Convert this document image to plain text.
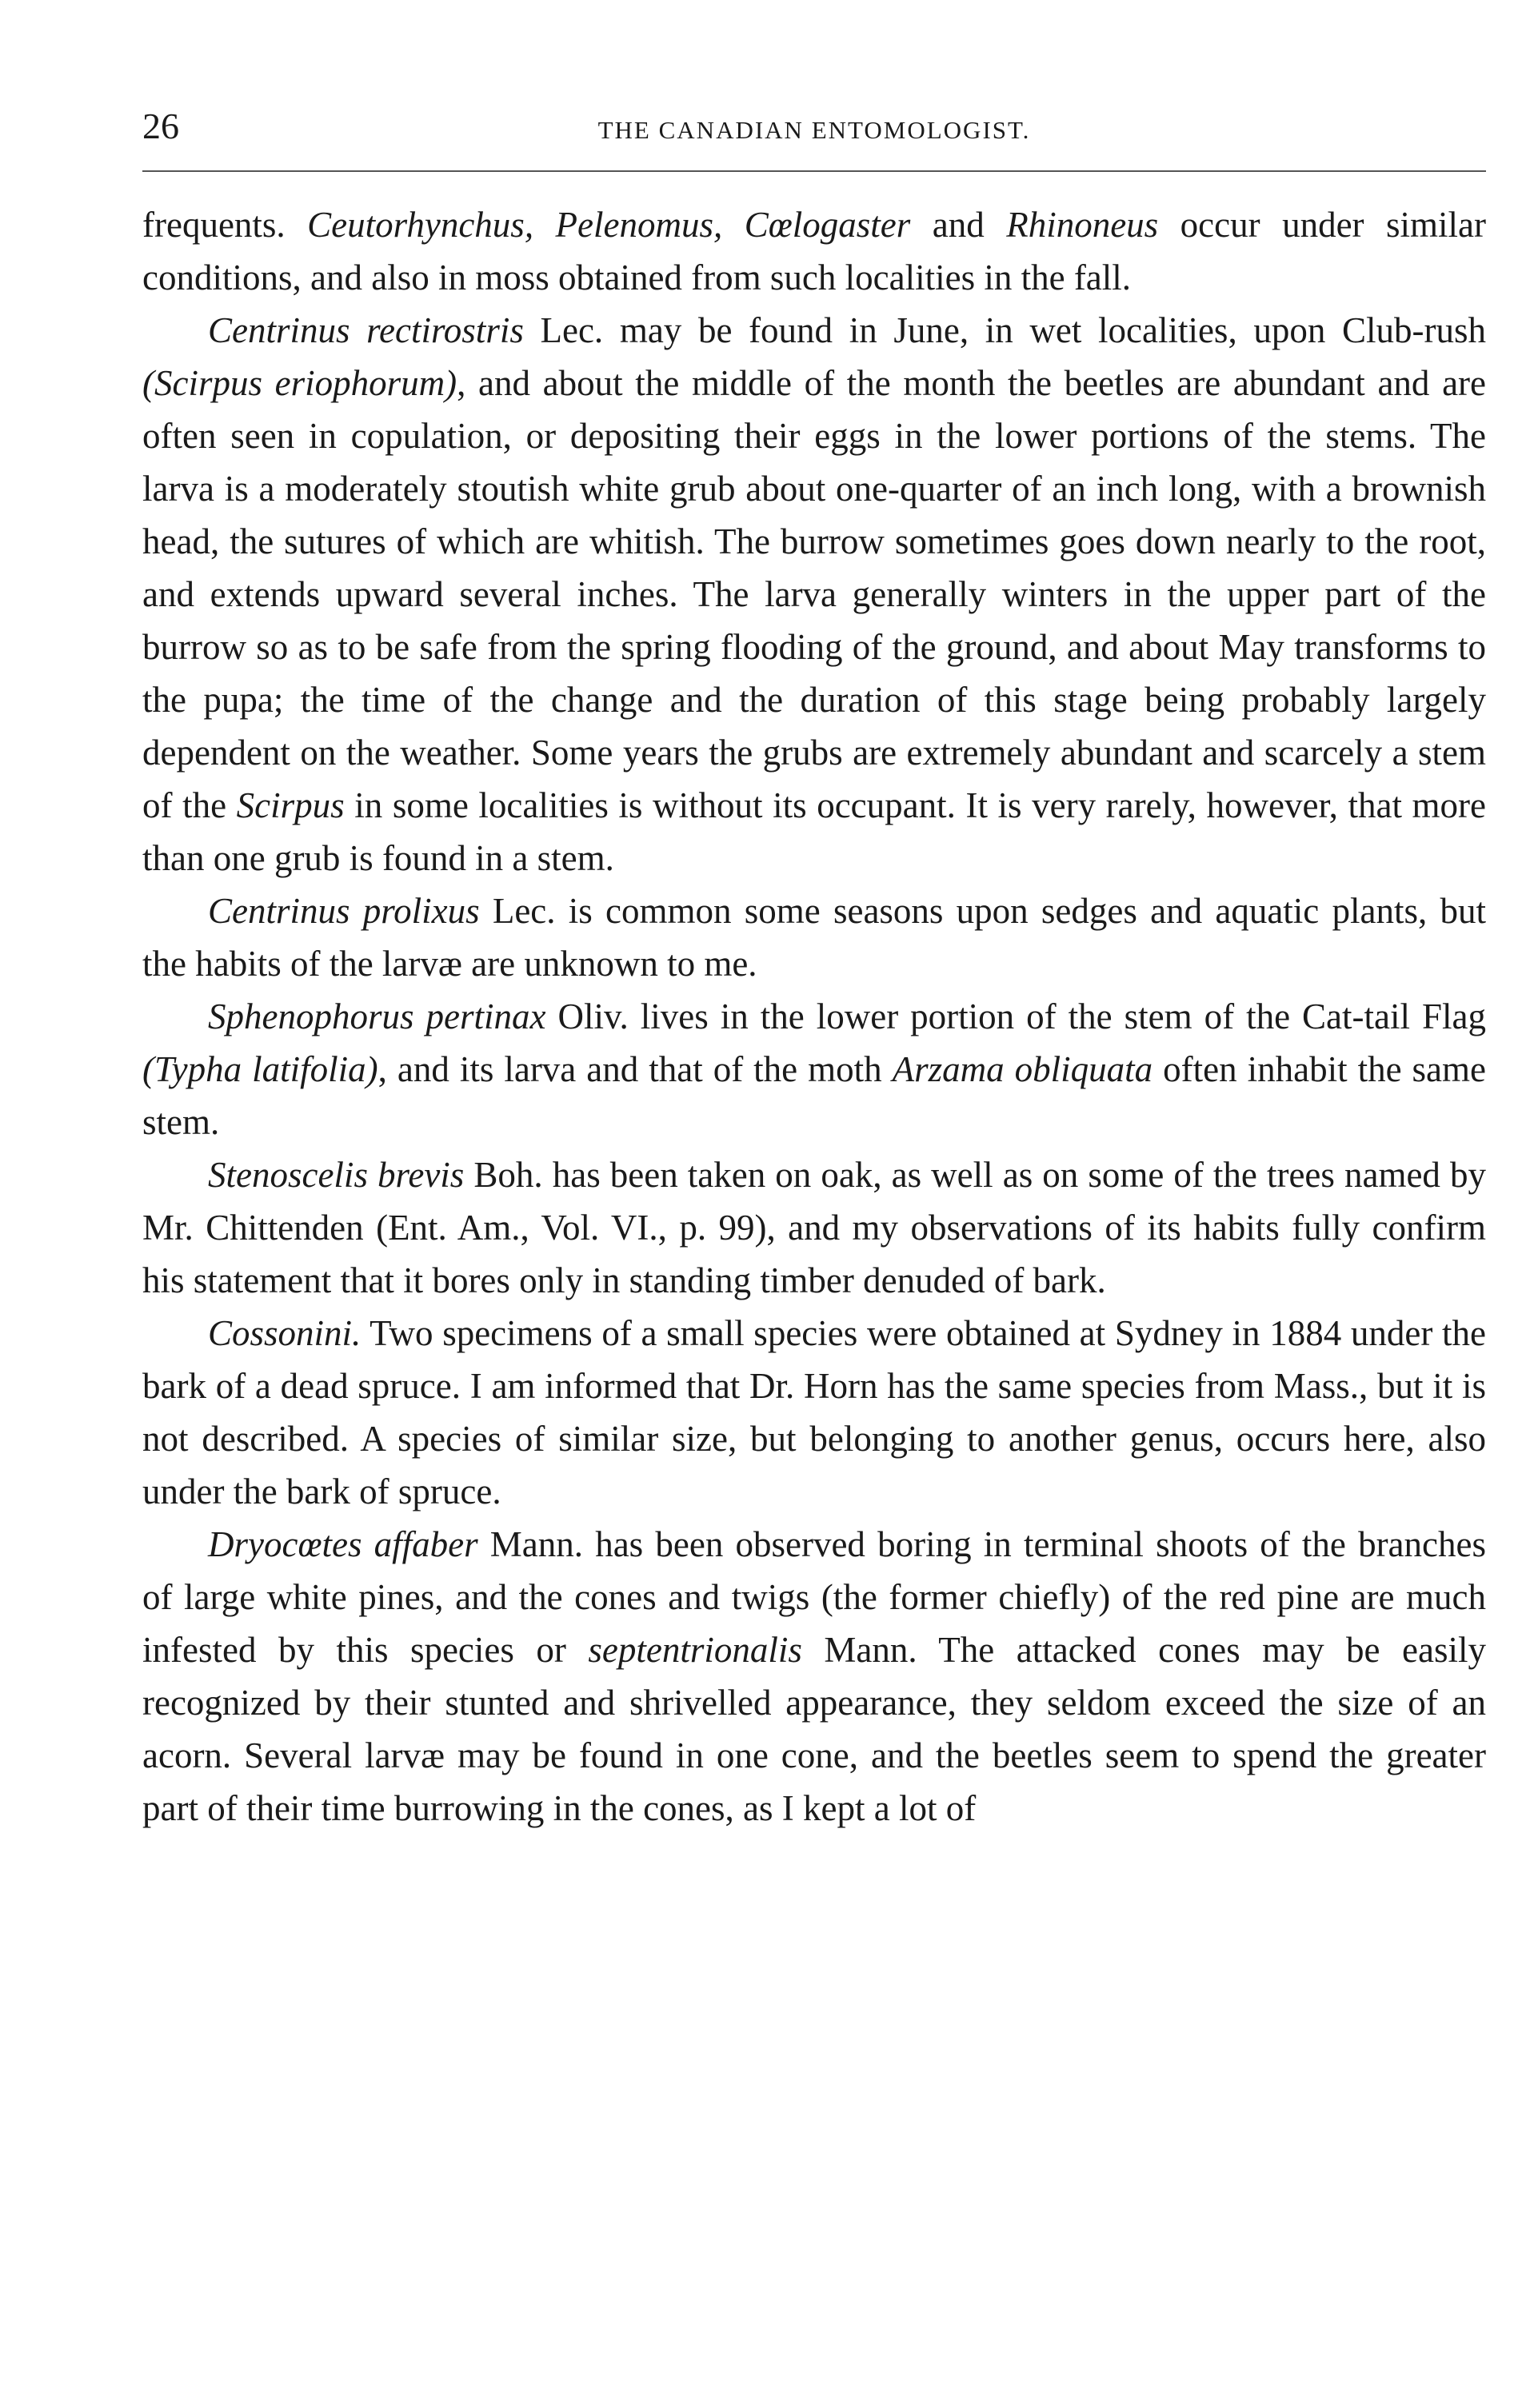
26	THE CANADIAN ENTOMOLOGIST.

frequents. Ceutorhynchus, Pelenomus, Cœlogaster and Rhinoneus occur under similar conditions, and also in moss obtained from such localities in the fall.

Centrinus rectirostris Lec. may be found in June, in wet localities, upon Club-rush (Scirpus eriophorum), and about the middle of the month the beetles are abundant and are often seen in copulation, or depositing their eggs in the lower portions of the stems. The larva is a moderately stoutish white grub about one-quarter of an inch long, with a brownish head, the sutures of which are whitish. The burrow sometimes goes down nearly to the root, and extends upward several inches. The larva generally winters in the upper part of the burrow so as to be safe from the spring flooding of the ground, and about May transforms to the pupa; the time of the change and the duration of this stage being probably largely dependent on the weather. Some years the grubs are extremely abundant and scarcely a stem of the Scirpus in some localities is without its occupant. It is very rarely, however, that more than one grub is found in a stem.

Centrinus prolixus Lec. is common some seasons upon sedges and aquatic plants, but the habits of the larvæ are unknown to me.

Sphenophorus pertinax Oliv. lives in the lower portion of the stem of the Cat-tail Flag (Typha latifolia), and its larva and that of the moth Arzama obliquata often inhabit the same stem.

Stenoscelis brevis Boh. has been taken on oak, as well as on some of the trees named by Mr. Chittenden (Ent. Am., Vol. VI., p. 99), and my observations of its habits fully confirm his statement that it bores only in standing timber denuded of bark.

Cossonini. Two specimens of a small species were obtained at Sydney in 1884 under the bark of a dead spruce. I am informed that Dr. Horn has the same species from Mass., but it is not described. A species of similar size, but belonging to another genus, occurs here, also under the bark of spruce.

Dryocœtes affaber Mann. has been observed boring in terminal shoots of the branches of large white pines, and the cones and twigs (the former chiefly) of the red pine are much infested by this species or septentrionalis Mann. The attacked cones may be easily recognized by their stunted and shrivelled appearance, they seldom exceed the size of an acorn. Several larvæ may be found in one cone, and the beetles seem to spend the greater part of their time burrowing in the cones, as I kept a lot of
